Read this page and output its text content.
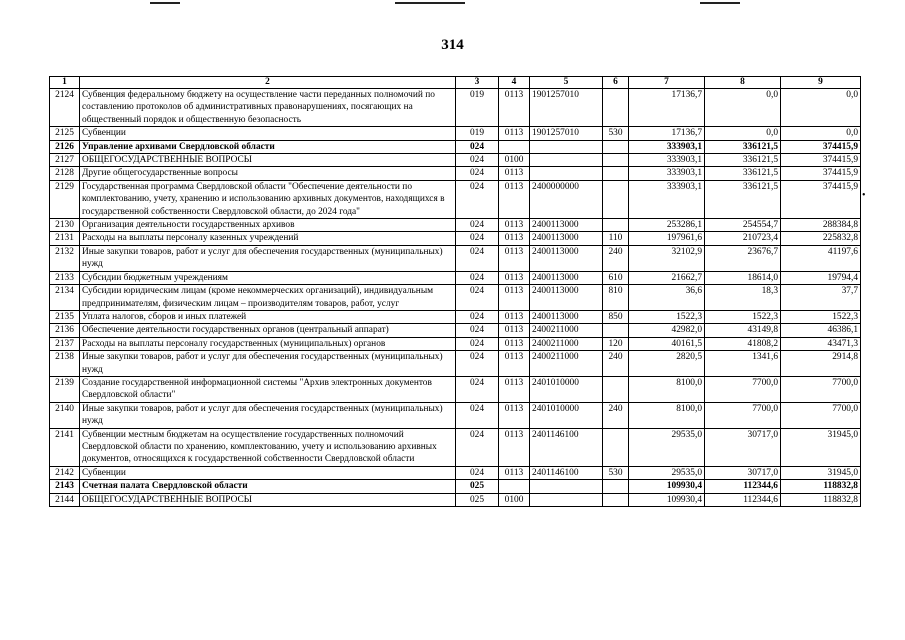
314
1	2	3	4	5	6	7	8	9
2124	Субвенция федеральному бюджету на осуществление части переданных полномочий по составлению протоколов об административных правонарушениях, посягающих на общественный порядок и общественную безопасность	019	0113	1901257010		17136,7	0,0	0,0
2125	Субвенции	019	0113	1901257010	530	17136,7	0,0	0,0
2126	Управление архивами Свердловской области	024				333903,1	336121,5	374415,9
2127	ОБЩЕГОСУДАРСТВЕННЫЕ ВОПРОСЫ	024	0100			333903,1	336121,5	374415,9
2128	Другие общегосударственные вопросы	024	0113			333903,1	336121,5	374415,9
2129	Государственная программа Свердловской области "Обеспечение деятельности по комплектованию, учету, хранению и использованию архивных документов, находящихся в государственной собственности Свердловской области, до 2024 года"	024	0113	2400000000		333903,1	336121,5	374415,9
2130	Организация деятельности государственных архивов	024	0113	2400113000		253286,1	254554,7	288384,8
2131	Расходы на выплаты персоналу казенных учреждений	024	0113	2400113000	110	197961,6	210723,4	225832,8
2132	Иные закупки товаров, работ и услуг для обеспечения государственных (муниципальных) нужд	024	0113	2400113000	240	32102,9	23676,7	41197,6
2133	Субсидии бюджетным учреждениям	024	0113	2400113000	610	21662,7	18614,0	19794,4
2134	Субсидии юридическим лицам (кроме некоммерческих организаций), индивидуальным предпринимателям, физическим лицам – производителям товаров, работ, услуг	024	0113	2400113000	810	36,6	18,3	37,7
2135	Уплата налогов, сборов и иных платежей	024	0113	2400113000	850	1522,3	1522,3	1522,3
2136	Обеспечение деятельности государственных органов (центральный аппарат)	024	0113	2400211000		42982,0	43149,8	46386,1
2137	Расходы на выплаты персоналу государственных (муниципальных) органов	024	0113	2400211000	120	40161,5	41808,2	43471,3
2138	Иные закупки товаров, работ и услуг для обеспечения государственных (муниципальных) нужд	024	0113	2400211000	240	2820,5	1341,6	2914,8
2139	Создание государственной информационной системы "Архив электронных документов Свердловской области"	024	0113	2401010000		8100,0	7700,0	7700,0
2140	Иные закупки товаров, работ и услуг для обеспечения государственных (муниципальных) нужд	024	0113	2401010000	240	8100,0	7700,0	7700,0
2141	Субвенции местным бюджетам на осуществление государственных полномочий Свердловской области по хранению, комплектованию, учету и использованию архивных документов, относящихся к государственной собственности Свердловской области	024	0113	2401146100		29535,0	30717,0	31945,0
2142	Субвенции	024	0113	2401146100	530	29535,0	30717,0	31945,0
2143	Счетная палата Свердловской области	025				109930,4	112344,6	118832,8
2144	ОБЩЕГОСУДАРСТВЕННЫЕ ВОПРОСЫ	025	0100			109930,4	112344,6	118832,8
•
